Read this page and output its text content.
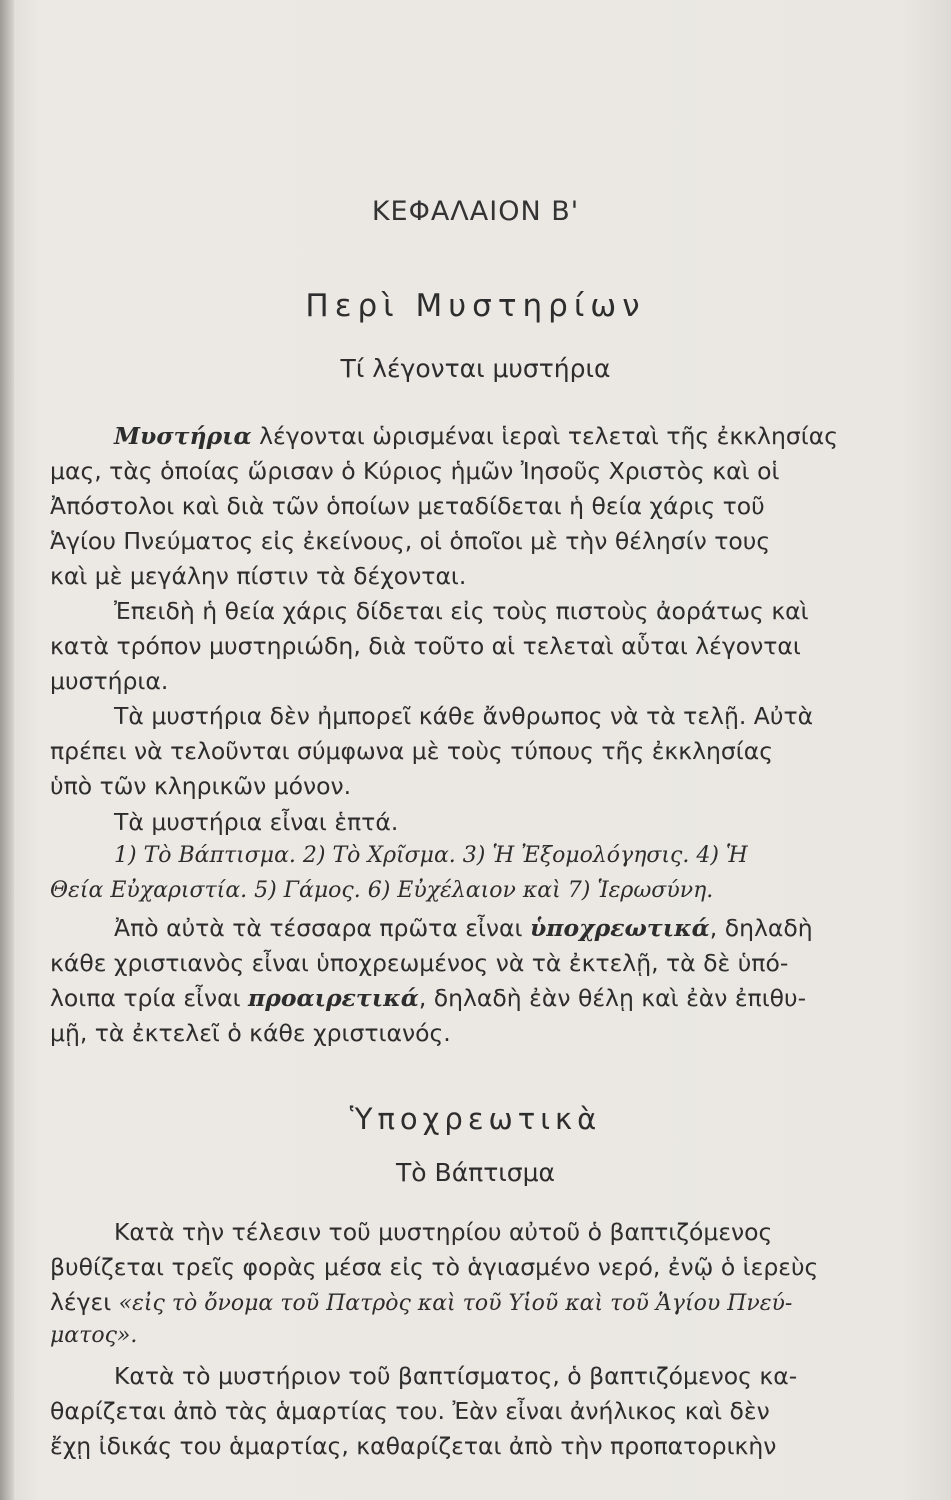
ΚΕΦΑΛΑΙΟΝ Β'
Περὶ Μυστηρίων
Τί λέγονται μυστήρια
Μυστήρια λέγονται ὡρισμέναι ἱεραὶ τελεταὶ τῆς ἐκκλησίας
μας, τὰς ὁποίας ὥρισαν ὁ Κύριος ἡμῶν Ἰησοῦς Χριστὸς καὶ οἱ
Ἀπόστολοι καὶ διὰ τῶν ὁποίων μεταδίδεται ἡ θεία χάρις τοῦ
Ἁγίου Πνεύματος εἰς ἐκείνους, οἱ ὁποῖοι μὲ τὴν θέλησίν τους
καὶ μὲ μεγάλην πίστιν τὰ δέχονται.
Ἐπειδὴ ἡ θεία χάρις δίδεται εἰς τοὺς πιστοὺς ἀοράτως καὶ
κατὰ τρόπον μυστηριώδη, διὰ τοῦτο αἱ τελεταὶ αὗται λέγονται
μυστήρια.
Τὰ μυστήρια δὲν ἠμπορεῖ κάθε ἄνθρωπος νὰ τὰ τελῇ. Αὐτὰ
πρέπει νὰ τελοῦνται σύμφωνα μὲ τοὺς τύπους τῆς ἐκκλησίας
ὑπὸ τῶν κληρικῶν μόνον.
Τὰ μυστήρια εἶναι ἑπτά.
1) Τὸ Βάπτισμα. 2) Τὸ Χρῖσμα. 3) Ἡ Ἐξομολόγησις. 4) Ἡ
Θεία Εὐχαριστία. 5) Γάμος. 6) Εὐχέλαιον καὶ 7) Ἱερωσύνη.
Ἀπὸ αὐτὰ τὰ τέσσαρα πρῶτα εἶναι ὑποχρεωτικά, δηλαδὴ
κάθε χριστιανὸς εἶναι ὑποχρεωμένος νὰ τὰ ἐκτελῇ, τὰ δὲ ὑπό-
λοιπα τρία εἶναι προαιρετικά, δηλαδὴ ἐὰν θέλῃ καὶ ἐὰν ἐπιθυ-
μῇ, τὰ ἐκτελεῖ ὁ κάθε χριστιανός.
Ὑποχρεωτικὰ
Τὸ Βάπτισμα
Κατὰ τὴν τέλεσιν τοῦ μυστηρίου αὐτοῦ ὁ βαπτιζόμενος
βυθίζεται τρεῖς φορὰς μέσα εἰς τὸ ἁγιασμένο νερό, ἐνῷ ὁ ἱερεὺς
λέγει «εἰς τὸ ὄνομα τοῦ Πατρὸς καὶ τοῦ Υἱοῦ καὶ τοῦ Ἁγίου Πνεύ-
ματος».
Κατὰ τὸ μυστήριον τοῦ βαπτίσματος, ὁ βαπτιζόμενος κα-
θαρίζεται ἀπὸ τὰς ἁμαρτίας του. Ἐὰν εἶναι ἀνήλικος καὶ δὲν
ἔχῃ ἰδικάς του ἁμαρτίας, καθαρίζεται ἀπὸ τὴν προπατορικὴν
